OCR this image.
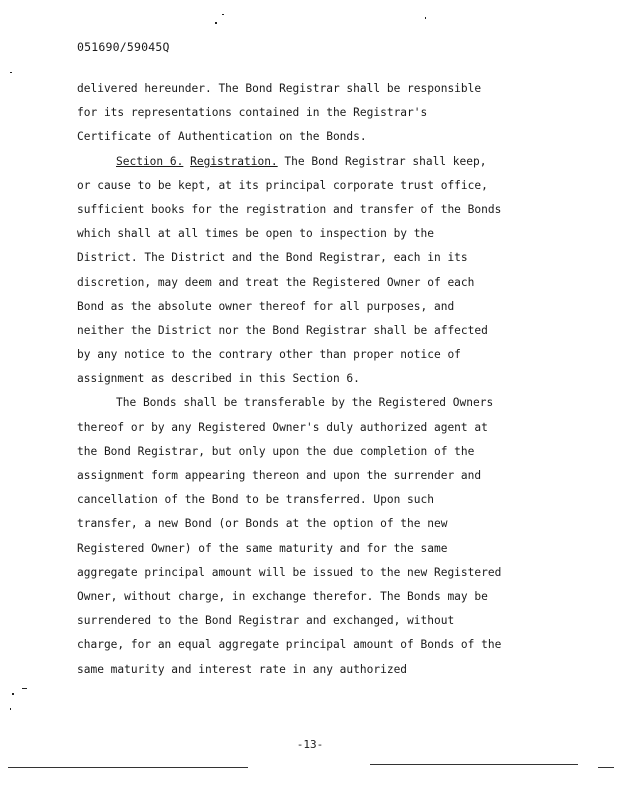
051690/59045Q
delivered hereunder. The Bond Registrar shall be responsible
for its representations contained in the Registrar's
Certificate of Authentication on the Bonds.
Section 6. Registration. The Bond Registrar shall keep,
or cause to be kept, at its principal corporate trust office,
sufficient books for the registration and transfer of the Bonds
which shall at all times be open to inspection by the
District. The District and the Bond Registrar, each in its
discretion, may deem and treat the Registered Owner of each
Bond as the absolute owner thereof for all purposes, and
neither the District nor the Bond Registrar shall be affected
by any notice to the contrary other than proper notice of
assignment as described in this Section 6.
The Bonds shall be transferable by the Registered Owners
thereof or by any Registered Owner's duly authorized agent at
the Bond Registrar, but only upon the due completion of the
assignment form appearing thereon and upon the surrender and
cancellation of the Bond to be transferred. Upon such
transfer, a new Bond (or Bonds at the option of the new
Registered Owner) of the same maturity and for the same
aggregate principal amount will be issued to the new Registered
Owner, without charge, in exchange therefor. The Bonds may be
surrendered to the Bond Registrar and exchanged, without
charge, for an equal aggregate principal amount of Bonds of the
same maturity and interest rate in any authorized
-13-
